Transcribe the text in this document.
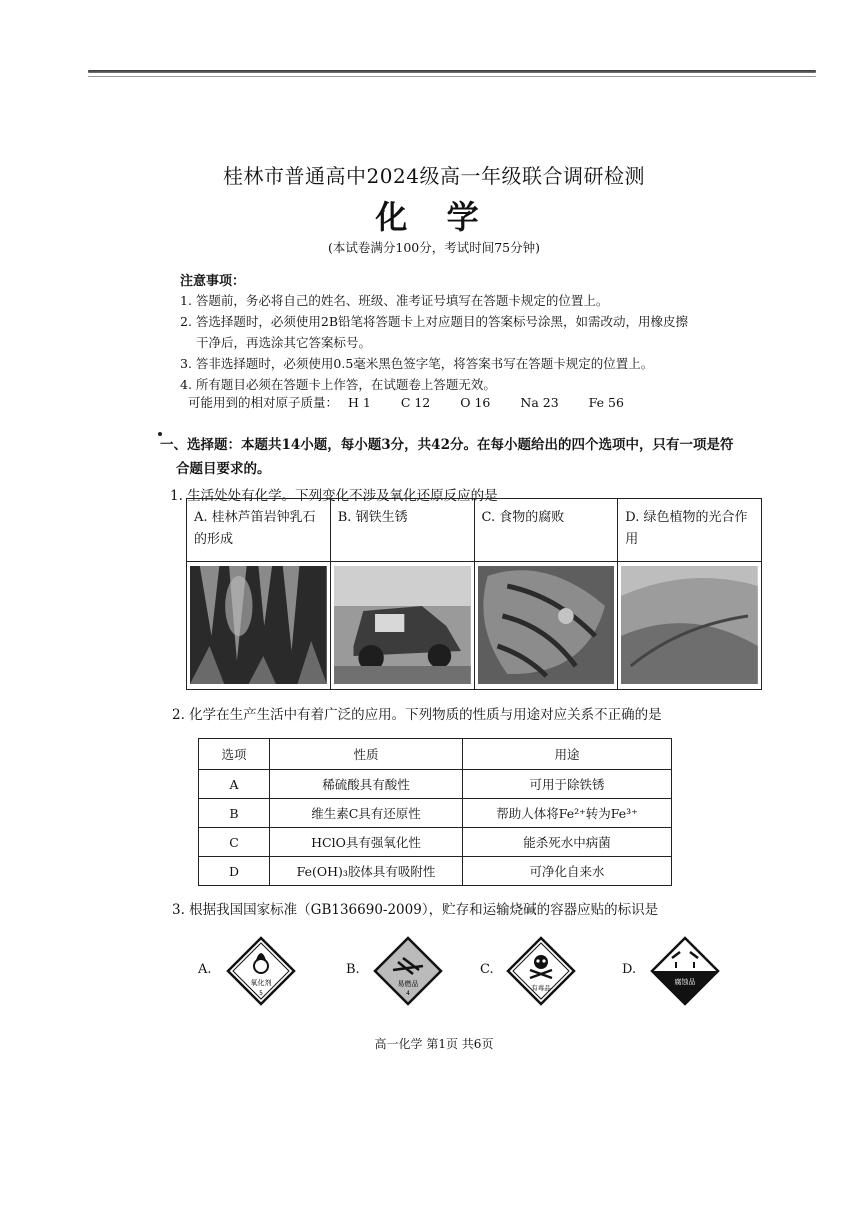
桂林市普通高中2024级高一年级联合调研检测
化 学
(本试卷满分100分，考试时间75分钟)
注意事项：
1. 答题前，务必将自己的姓名、班级、准考证号填写在答题卡规定的位置上。
2. 答选择题时，必须使用2B铅笔将答题卡上对应题目的答案标号涂黑，如需改动，用橡皮擦
干净后，再选涂其它答案标号。
3. 答非选择题时，必须使用0.5毫米黑色签字笔，将答案书写在答题卡规定的位置上。
4. 所有题目必须在答题卡上作答，在试题卷上答题无效。
可能用到的相对原子质量： H 1 C 12 O 16 Na 23 Fe 56
一、选择题：本题共14小题，每小题3分，共42分。在每小题给出的四个选项中，只有一项是符
合题目要求的。
1. 生活处处有化学。下列变化不涉及氧化还原反应的是
A. 桂林芦笛岩钟乳石的形成	B. 钢铁生锈	C. 食物的腐败	D. 绿色植物的光合作用

2. 化学在生产生活中有着广泛的应用。下列物质的性质与用途对应关系不正确的是
选项	性质	用途
A	稀硫酸具有酸性	可用于除铁锈
B	维生素C具有还原性	帮助人体将Fe²⁺转为Fe³⁺
C	HClO具有强氧化性	能杀死水中病菌
D	Fe(OH)₃胶体具有吸附性	可净化自来水
3. 根据我国国家标准（GB136690-2009），贮存和运输烧碱的容器应贴的标识是
A.
氧化剂
5
B.
易燃品
4
C.
有毒品
D.
腐蚀品
高一化学 第1页 共6页
